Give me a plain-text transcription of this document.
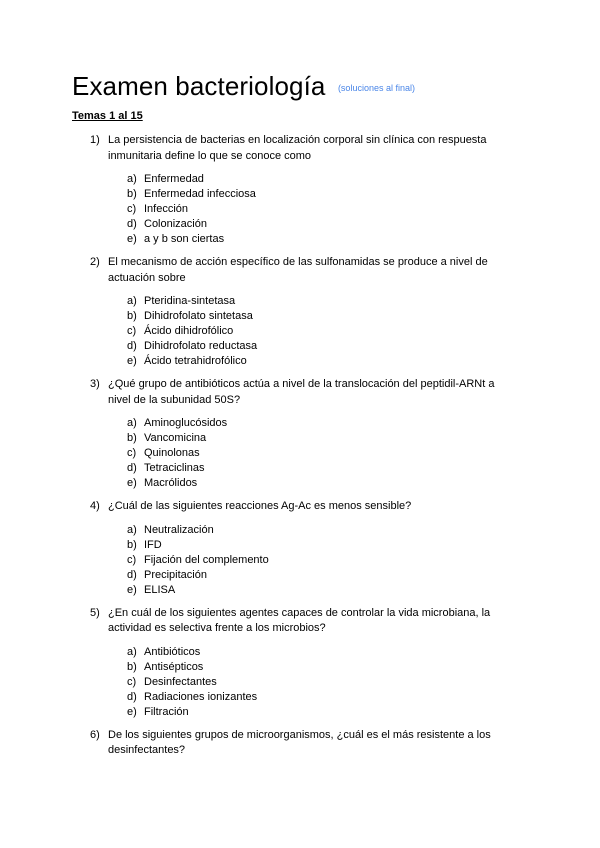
Examen bacteriología $^{(soluciones al final)}$
Temas 1 al 15
1) La persistencia de bacterias en localización corporal sin clínica con respuesta inmunitaria define lo que se conoce como
a) Enfermedad
b) Enfermedad infecciosa
c) Infección
d) Colonización
e) a y b son ciertas
2) El mecanismo de acción específico de las sulfonamidas se produce a nivel de actuación sobre
a) Pteridina-sintetasa
b) Dihidrofolato sintetasa
c) Ácido dihidrofólico
d) Dihidrofolato reductasa
e) Ácido tetrahidrofólico
3) ¿Qué grupo de antibióticos actúa a nivel de la translocación del peptidil-ARNt a nivel de la subunidad 50S?
a) Aminoglucósidos
b) Vancomicina
c) Quinolonas
d) Tetraciclinas
e) Macrólidos
4) ¿Cuál de las siguientes reacciones Ag-Ac es menos sensible?
a) Neutralización
b) IFD
c) Fijación del complemento
d) Precipitación
e) ELISA
5) ¿En cuál de los siguientes agentes capaces de controlar la vida microbiana, la actividad es selectiva frente a los microbios?
a) Antibióticos
b) Antisépticos
c) Desinfectantes
d) Radiaciones ionizantes
e) Filtración
6) De los siguientes grupos de microorganismos, ¿cuál es el más resistente a los desinfectantes?
